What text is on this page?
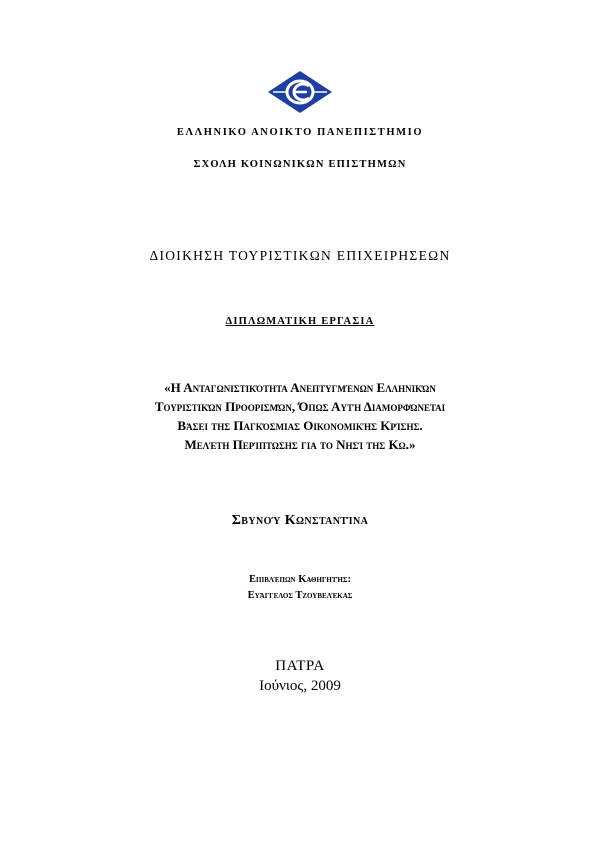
ΕΛΛΗΝΙΚΟ ΑΝΟΙΚΤΟ ΠΑΝΕΠΙΣΤΗΜΙΟ
ΣΧΟΛΗ ΚΟΙΝΩΝΙΚΩΝ ΕΠΙΣΤΗΜΩΝ
ΔΙΟΙΚΗΣΗ ΤΟΥΡΙΣΤΙΚΩΝ ΕΠΙΧΕΙΡΗΣΕΩΝ
ΔΙΠΛΩΜΑΤΙΚΗ ΕΡΓΑΣΙΑ
«Η Ανταγωνιστικότητα Ανεπτυγμένων Ελληνικών
Τουριστικών Προορισμών, Όπως Αυτή Διαμορφώνεται
Βάσει της Παγκόσμιας Οικονομικής Κρίσης.
Μελέτη Περίπτωσης για το Νησί της Κω.»
Σβυνού Κωνσταντίνα
Επιβλέπων Καθηγητής:
Ευάγγελος Τζουβελέκας
ΠΑΤΡΑ
Ιούνιος, 2009
